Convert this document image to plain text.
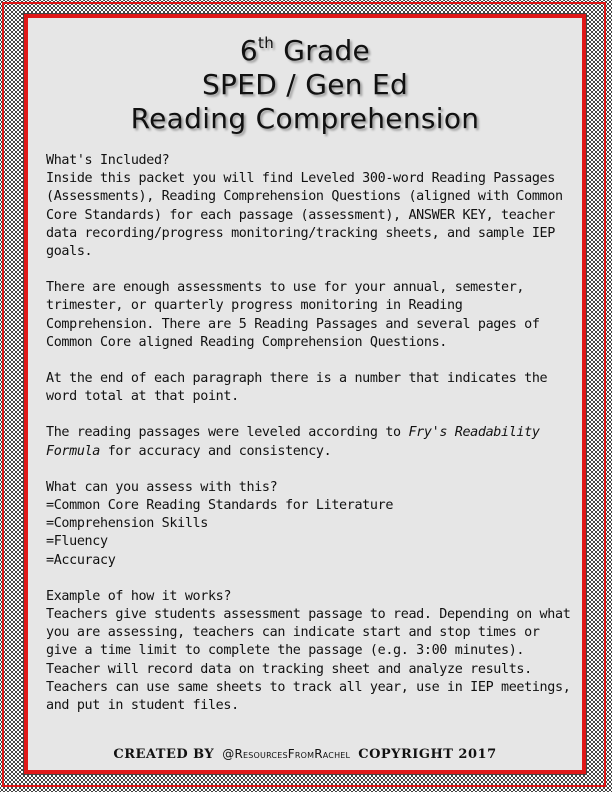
6th Grade
SPED / Gen Ed
Reading Comprehension

What's Included?
Inside this packet you will find Leveled 300-word Reading Passages (Assessments), Reading Comprehension Questions (aligned with Common Core Standards) for each passage (assessment), ANSWER KEY, teacher data recording/progress monitoring/tracking sheets, and sample IEP goals.

There are enough assessments to use for your annual, semester, trimester, or quarterly progress monitoring in Reading Comprehension. There are 5 Reading Passages and several pages of Common Core aligned Reading Comprehension Questions.

At the end of each paragraph there is a number that indicates the word total at that point.

The reading passages were leveled according to Fry's Readability Formula for accuracy and consistency.

What can you assess with this?
=Common Core Reading Standards for Literature
=Comprehension Skills
=Fluency
=Accuracy

Example of how it works?
Teachers give students assessment passage to read. Depending on what you are assessing, teachers can indicate start and stop times or give a time limit to complete the passage (e.g. 3:00 minutes). Teacher will record data on tracking sheet and analyze results. Teachers can use same sheets to track all year, use in IEP meetings, and put in student files.

CREATED BY @ResourcesFromRachel COPYRIGHT 2017
